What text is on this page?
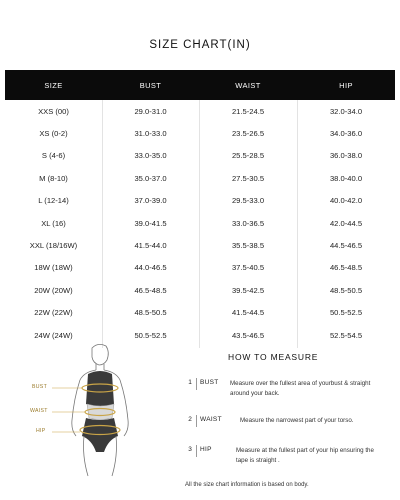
SIZE CHART(IN)
SIZE	BUST	WAIST	HIP
XXS (00)	29.0-31.0	21.5-24.5	32.0-34.0
XS (0-2)	31.0-33.0	23.5-26.5	34.0-36.0
S (4-6)	33.0-35.0	25.5-28.5	36.0-38.0
M (8-10)	35.0-37.0	27.5-30.5	38.0-40.0
L (12-14)	37.0-39.0	29.5-33.0	40.0-42.0
XL (16)	39.0-41.5	33.0-36.5	42.0-44.5
XXL (18/16W)	41.5-44.0	35.5-38.5	44.5-46.5
18W (18W)	44.0-46.5	37.5-40.5	46.5-48.5
20W (20W)	46.5-48.5	39.5-42.5	48.5-50.5
22W (22W)	48.5-50.5	41.5-44.5	50.5-52.5
24W (24W)	50.5-52.5	43.5-46.5	52.5-54.5
BUST
WAIST
HIP
HOW TO MEASURE
1	BUST Measure over the fullest area of yourbust & straight around your back.
2	WAIST	Measure the narrowest part of your torso.
3	HIP	Measure at the fullest part of your hip ensuring the tape is straight .
All the size chart information is based on body.
